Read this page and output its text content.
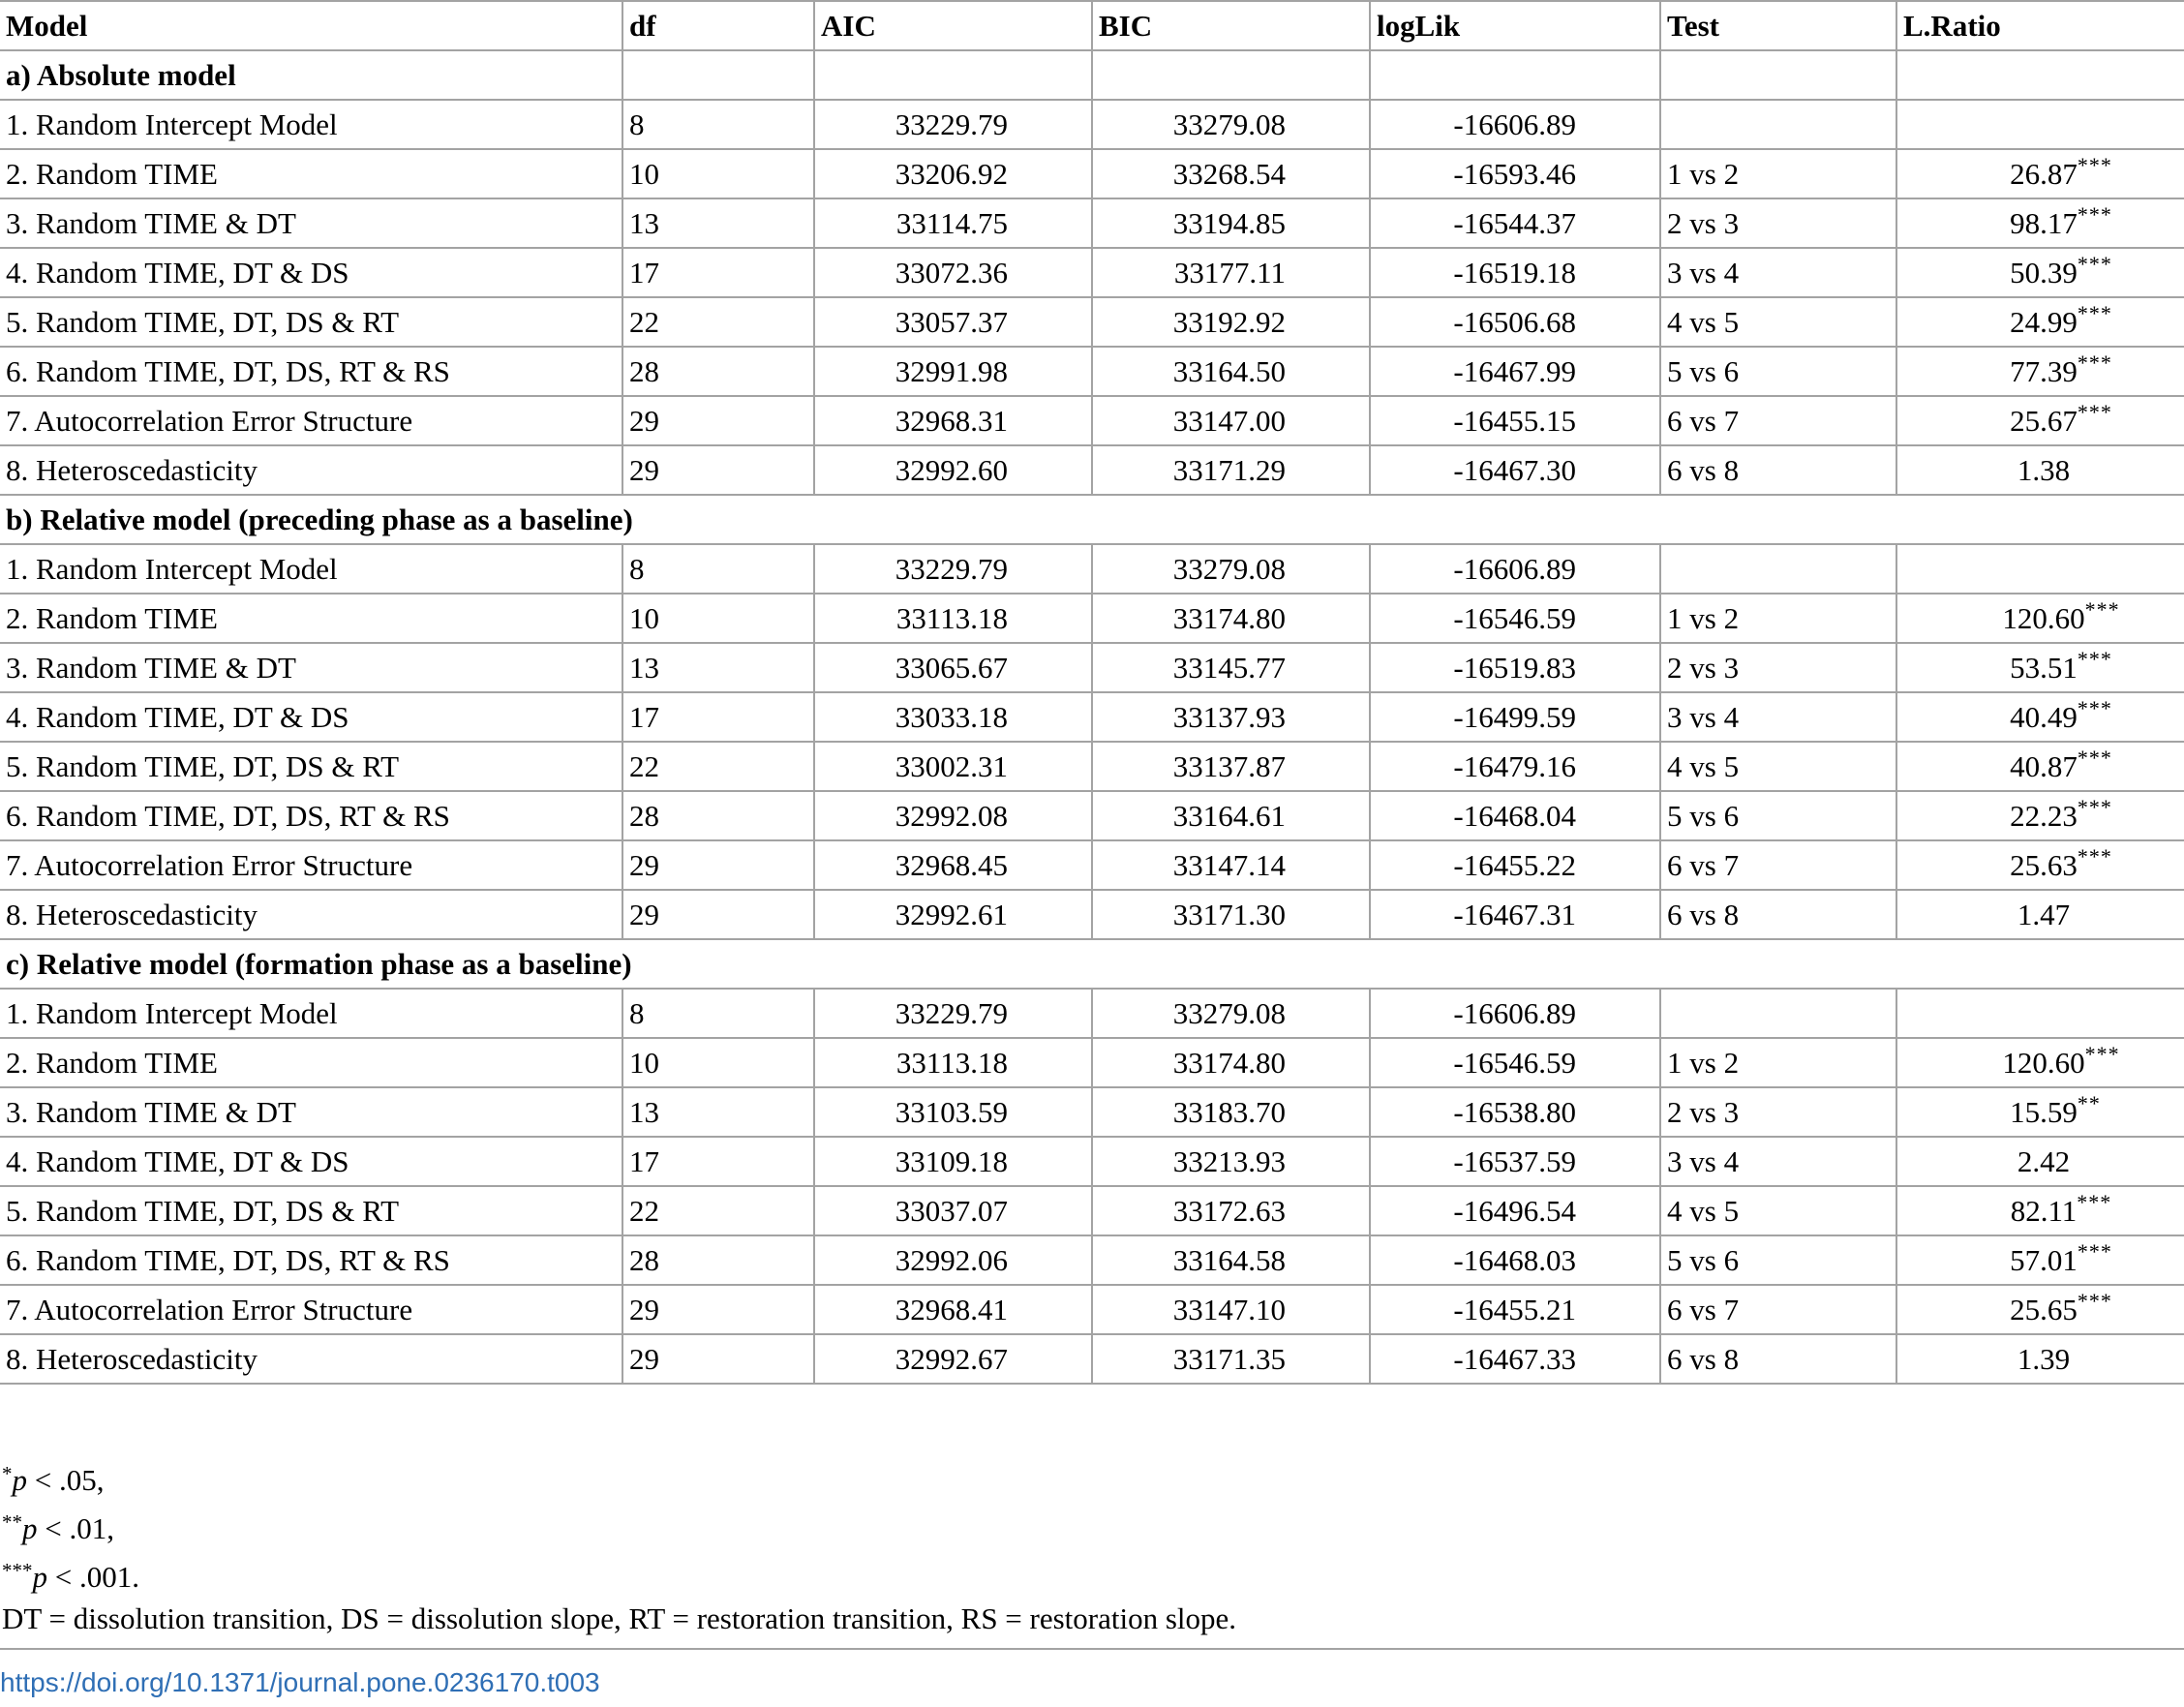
Model	df	AIC	BIC	logLik	Test	L.Ratio
a) Absolute model						
1. Random Intercept Model	8	33229.79	33279.08	-16606.89		

2. Random TIME	10	33206.92	33268.54	-16593.46	1 vs 2	26.87 ***

3. Random TIME & DT	13	33114.75	33194.85	-16544.37	2 vs 3	98.17 ***

4. Random TIME, DT & DS	17	33072.36	33177.11	-16519.18	3 vs 4	50.39 ***

5. Random TIME, DT, DS & RT	22	33057.37	33192.92	-16506.68	4 vs 5	24.99 ***

6. Random TIME, DT, DS, RT & RS	28	32991.98	33164.50	-16467.99	5 vs 6	77.39 ***

7. Autocorrelation Error Structure	29	32968.31	33147.00	-16455.15	6 vs 7	25.67 ***

8. Heteroscedasticity	29	32992.60	33171.29	-16467.30	6 vs 8	1.38

b) Relative model (preceding phase as a baseline)						
1. Random Intercept Model	8	33229.79	33279.08	-16606.89		

2. Random TIME	10	33113.18	33174.80	-16546.59	1 vs 2	120.60 ***

3. Random TIME & DT	13	33065.67	33145.77	-16519.83	2 vs 3	53.51 ***

4. Random TIME, DT & DS	17	33033.18	33137.93	-16499.59	3 vs 4	40.49 ***

5. Random TIME, DT, DS & RT	22	33002.31	33137.87	-16479.16	4 vs 5	40.87 ***

6. Random TIME, DT, DS, RT & RS	28	32992.08	33164.61	-16468.04	5 vs 6	22.23 ***

7. Autocorrelation Error Structure	29	32968.45	33147.14	-16455.22	6 vs 7	25.63 ***

8. Heteroscedasticity	29	32992.61	33171.30	-16467.31	6 vs 8	1.47

c) Relative model (formation phase as a baseline)						
1. Random Intercept Model	8	33229.79	33279.08	-16606.89		

2. Random TIME	10	33113.18	33174.80	-16546.59	1 vs 2	120.60 ***

3. Random TIME & DT	13	33103.59	33183.70	-16538.80	2 vs 3	15.59 **

4. Random TIME, DT & DS	17	33109.18	33213.93	-16537.59	3 vs 4	2.42

5. Random TIME, DT, DS & RT	22	33037.07	33172.63	-16496.54	4 vs 5	82.11 ***

6. Random TIME, DT, DS, RT & RS	28	32992.06	33164.58	-16468.03	5 vs 6	57.01 ***

7. Autocorrelation Error Structure	29	32968.41	33147.10	-16455.21	6 vs 7	25.65 ***

8. Heteroscedasticity	29	32992.67	33171.35	-16467.33	6 vs 8	1.39
*p < .05,
**p < .01,
***p < .001.
DT = dissolution transition, DS = dissolution slope, RT = restoration transition, RS = restoration slope.
https://doi.org/10.1371/journal.pone.0236170.t003
